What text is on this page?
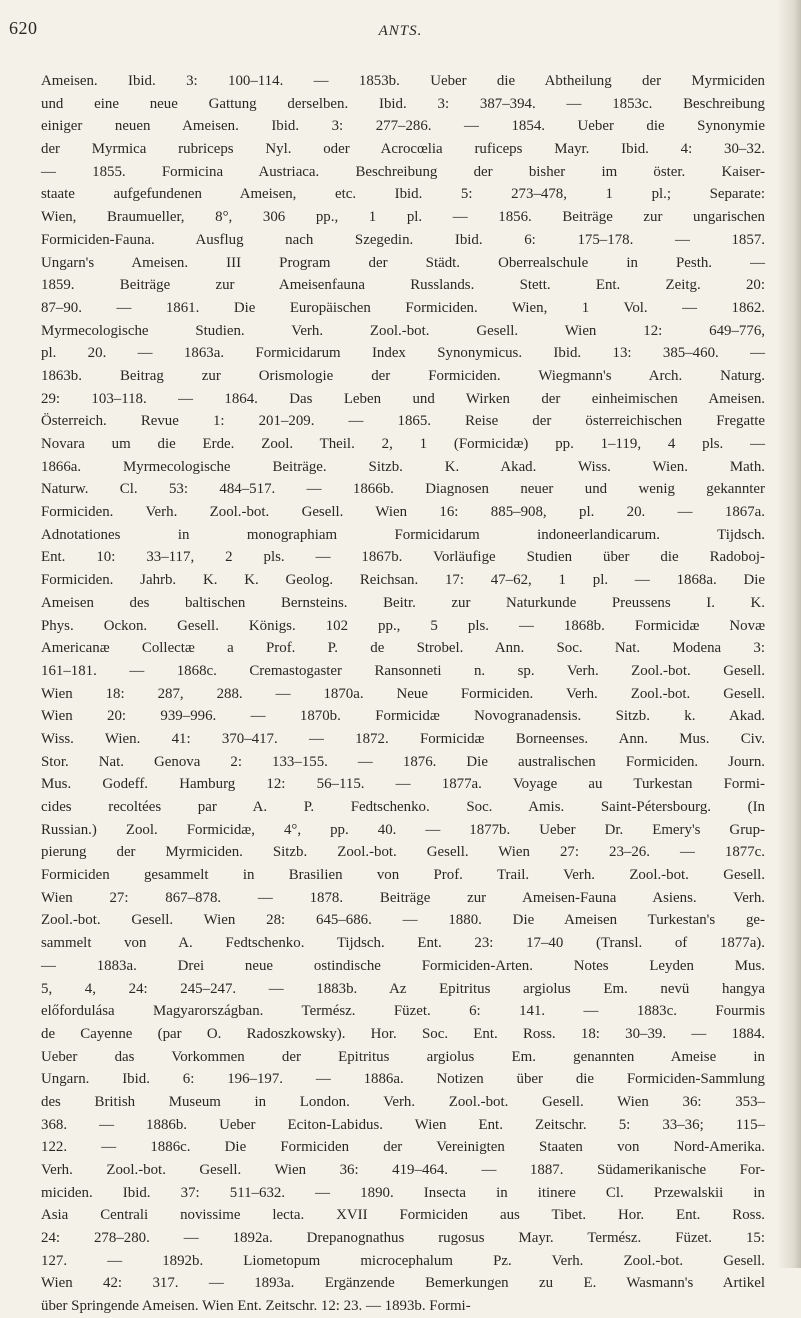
620	ANTS.
Ameisen. Ibid. 3: 100–114. — 1853b. Ueber die Abtheilung der Myrmiciden
und eine neue Gattung derselben. Ibid. 3: 387–394. — 1853c. Beschreibung
einiger neuen Ameisen. Ibid. 3: 277–286. — 1854. Ueber die Synonymie
der Myrmica rubriceps Nyl. oder Acrocœlia ruficeps Mayr. Ibid. 4: 30–32.
— 1855. Formicina Austriaca. Beschreibung der bisher im öster. Kaiser-
staate aufgefundenen Ameisen, etc. Ibid. 5: 273–478, 1 pl.; Separate:
Wien, Braumueller, 8°, 306 pp., 1 pl. — 1856. Beiträge zur ungarischen
Formiciden-Fauna. Ausflug nach Szegedin. Ibid. 6: 175–178. — 1857.
Ungarn's Ameisen. III Program der Städt. Oberrealschule in Pesth. —
1859. Beiträge zur Ameisenfauna Russlands. Stett. Ent. Zeitg. 20:
87–90. — 1861. Die Europäischen Formiciden. Wien, 1 Vol. — 1862.
Myrmecologische Studien. Verh. Zool.-bot. Gesell. Wien 12: 649–776,
pl. 20. — 1863a. Formicidarum Index Synonymicus. Ibid. 13: 385–460. —
1863b. Beitrag zur Orismologie der Formiciden. Wiegmann's Arch. Naturg.
29: 103–118. — 1864. Das Leben und Wirken der einheimischen Ameisen.
Österreich. Revue 1: 201–209. — 1865. Reise der österreichischen Fregatte
Novara um die Erde. Zool. Theil. 2, 1 (Formicidæ) pp. 1–119, 4 pls. —
1866a. Myrmecologische Beiträge. Sitzb. K. Akad. Wiss. Wien. Math.
Naturw. Cl. 53: 484–517. — 1866b. Diagnosen neuer und wenig gekannter
Formiciden. Verh. Zool.-bot. Gesell. Wien 16: 885–908, pl. 20. — 1867a.
Adnotationes in monographiam Formicidarum indoneerlandicarum. Tijdsch.
Ent. 10: 33–117, 2 pls. — 1867b. Vorläufige Studien über die Radoboj-
Formiciden. Jahrb. K. K. Geolog. Reichsan. 17: 47–62, 1 pl. — 1868a. Die
Ameisen des baltischen Bernsteins. Beitr. zur Naturkunde Preussens I. K.
Phys. Ockon. Gesell. Königs. 102 pp., 5 pls. — 1868b. Formicidæ Novæ
Americanæ Collectæ a Prof. P. de Strobel. Ann. Soc. Nat. Modena 3:
161–181. — 1868c. Cremastogaster Ransonneti n. sp. Verh. Zool.-bot. Gesell.
Wien 18: 287, 288. — 1870a. Neue Formiciden. Verh. Zool.-bot. Gesell.
Wien 20: 939–996. — 1870b. Formicidæ Novogranadensis. Sitzb. k. Akad.
Wiss. Wien. 41: 370–417. — 1872. Formicidæ Borneenses. Ann. Mus. Civ.
Stor. Nat. Genova 2: 133–155. — 1876. Die australischen Formiciden. Journ.
Mus. Godeff. Hamburg 12: 56–115. — 1877a. Voyage au Turkestan Formi-
cides recoltées par A. P. Fedtschenko. Soc. Amis. Saint-Pétersbourg. (In
Russian.) Zool. Formicidæ, 4°, pp. 40. — 1877b. Ueber Dr. Emery's Grup-
pierung der Myrmiciden. Sitzb. Zool.-bot. Gesell. Wien 27: 23–26. — 1877c.
Formiciden gesammelt in Brasilien von Prof. Trail. Verh. Zool.-bot. Gesell.
Wien 27: 867–878. — 1878. Beiträge zur Ameisen-Fauna Asiens. Verh.
Zool.-bot. Gesell. Wien 28: 645–686. — 1880. Die Ameisen Turkestan's ge-
sammelt von A. Fedtschenko. Tijdsch. Ent. 23: 17–40 (Transl. of 1877a).
— 1883a. Drei neue ostindische Formiciden-Arten. Notes Leyden Mus.
5, 4, 24: 245–247. — 1883b. Az Epitritus argiolus Em. nevü hangya
előfordulása Magyarországban. Termész. Füzet. 6: 141. — 1883c. Fourmis
de Cayenne (par O. Radoszkowsky). Hor. Soc. Ent. Ross. 18: 30–39. — 1884.
Ueber das Vorkommen der Epitritus argiolus Em. genannten Ameise in
Ungarn. Ibid. 6: 196–197. — 1886a. Notizen über die Formiciden-Sammlung
des British Museum in London. Verh. Zool.-bot. Gesell. Wien 36: 353–
368. — 1886b. Ueber Eciton-Labidus. Wien Ent. Zeitschr. 5: 33–36; 115–
122. — 1886c. Die Formiciden der Vereinigten Staaten von Nord-Amerika.
Verh. Zool.-bot. Gesell. Wien 36: 419–464. — 1887. Südamerikanische For-
miciden. Ibid. 37: 511–632. — 1890. Insecta in itinere Cl. Przewalskii in
Asia Centrali novissime lecta. XVII Formiciden aus Tibet. Hor. Ent. Ross.
24: 278–280. — 1892a. Drepanognathus rugosus Mayr. Termész. Füzet. 15:
127. — 1892b. Liometopum microcephalum Pz. Verh. Zool.-bot. Gesell.
Wien 42: 317. — 1893a. Ergänzende Bemerkungen zu E. Wasmann's Artikel
über Springende Ameisen. Wien Ent. Zeitschr. 12: 23. — 1893b. Formi-
